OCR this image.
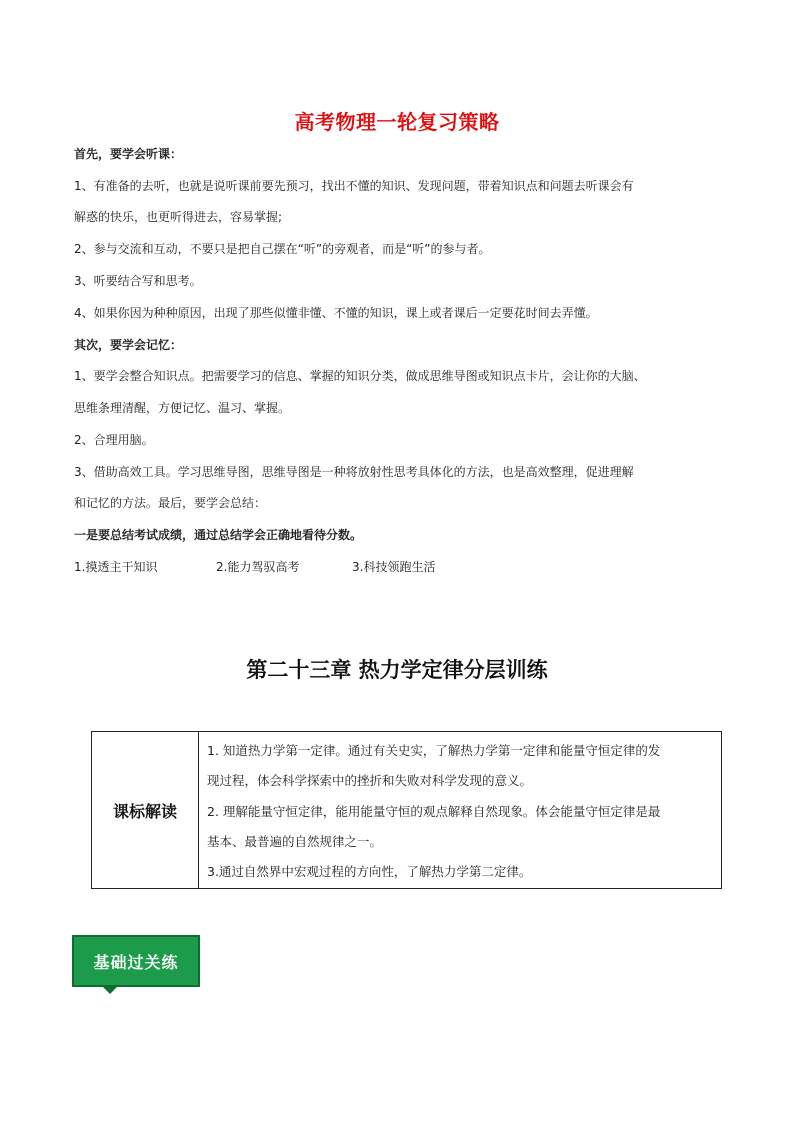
高考物理一轮复习策略
首先，要学会听课：
1、有准备的去听，也就是说听课前要先预习，找出不懂的知识、发现问题，带着知识点和问题去听课会有
解惑的快乐，也更听得进去，容易掌握;
2、参与交流和互动，不要只是把自己摆在“听”的旁观者，而是“听”的参与者。
3、听要结合写和思考。
4、如果你因为种种原因，出现了那些似懂非懂、不懂的知识，课上或者课后一定要花时间去弄懂。
其次，要学会记忆：
1、要学会整合知识点。把需要学习的信息、掌握的知识分类，做成思维导图或知识点卡片，会让你的大脑、
思维条理清醒，方便记忆、温习、掌握。
2、合理用脑。
3、借助高效工具。学习思维导图，思维导图是一种将放射性思考具体化的方法，也是高效整理，促进理解
和记忆的方法。最后，要学会总结：
一是要总结考试成绩，通过总结学会正确地看待分数。
1.摸透主干知识	2.能力驾驭高考	3.科技领跑生活
第二十三章 热力学定律分层训练
课标解读
1. 知道热力学第一定律。通过有关史实，了解热力学第一定律和能量守恒定律的发
现过程，体会科学探索中的挫折和失败对科学发现的意义。
2. 理解能量守恒定律，能用能量守恒的观点解释自然现象。体会能量守恒定律是最
基本、最普遍的自然规律之一。
3.通过自然界中宏观过程的方向性，了解热力学第二定律。
基础过关练
